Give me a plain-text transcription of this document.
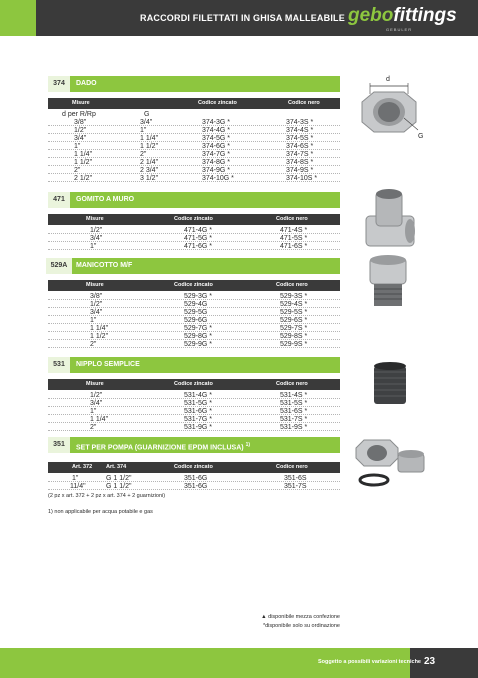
RACCORDI FILETTATI IN GHISA MALLEABILE gebofittings
GEBULER
374	DADO
Misure	Codice zincato	Codice nero
d per R/Rp	G
3/8"	3/4"	374-3G *	374-3S *
1/2"	1"	374-4G *	374-4S *
3/4"	1 1/4"	374-5G *	374-5S *
1"	1 1/2"	374-6G *	374-6S *
1 1/4"	2"	374-7G *	374-7S *
1 1/2"	2 1/4"	374-8G *	374-8S *
2"	2 3/4"	374-9G *	374-9S *
2 1/2"	3 1/2"	374-10G *	374-10S *
d
G
471	GOMITO A MURO
Misure	Codice zincato	Codice nero
1/2"	471-4G *	471-4S *
3/4"	471-5G *	471-5S *
1"	471-6G *	471-6S *
529A	MANICOTTO M/F
Misure	Codice zincato	Codice nero
3/8"	529-3G *	529-3S *
1/2"	529-4G	529-4S *
3/4"	529-5G	529-5S *
1"	529-6G	529-6S *
1 1/4"	529-7G *	529-7S *
1 1/2"	529-8G *	529-8S *
2"	529-9G *	529-9S *
531	NIPPLO SEMPLICE
Misure	Codice zincato	Codice nero
1/2"	531-4G *	531-4S *
3/4"	531-5G *	531-5S *
1"	531-6G *	531-6S *
1 1/4"	531-7G *	531-7S *
2"	531-9G *	531-9S *
351	SET PER POMPA (GUARNIZIONE EPDM INCLUSA) $^{1)}$
Art. 372	Art. 374	Codice zincato	Codice nero
1"	G 1 1/2"	351-6G	351-6S
11/4"	G 1 1/2"	351-6G	351-7S
(2 pz x art. 372 + 2 pz x art. 374 + 2 guarnizioni)
1) non applicabile per acqua potabile e gas
▲ disponibile mezza confezione
*disponibile solo su ordinazione
Soggetto a possibili variazioni tecniche 23
